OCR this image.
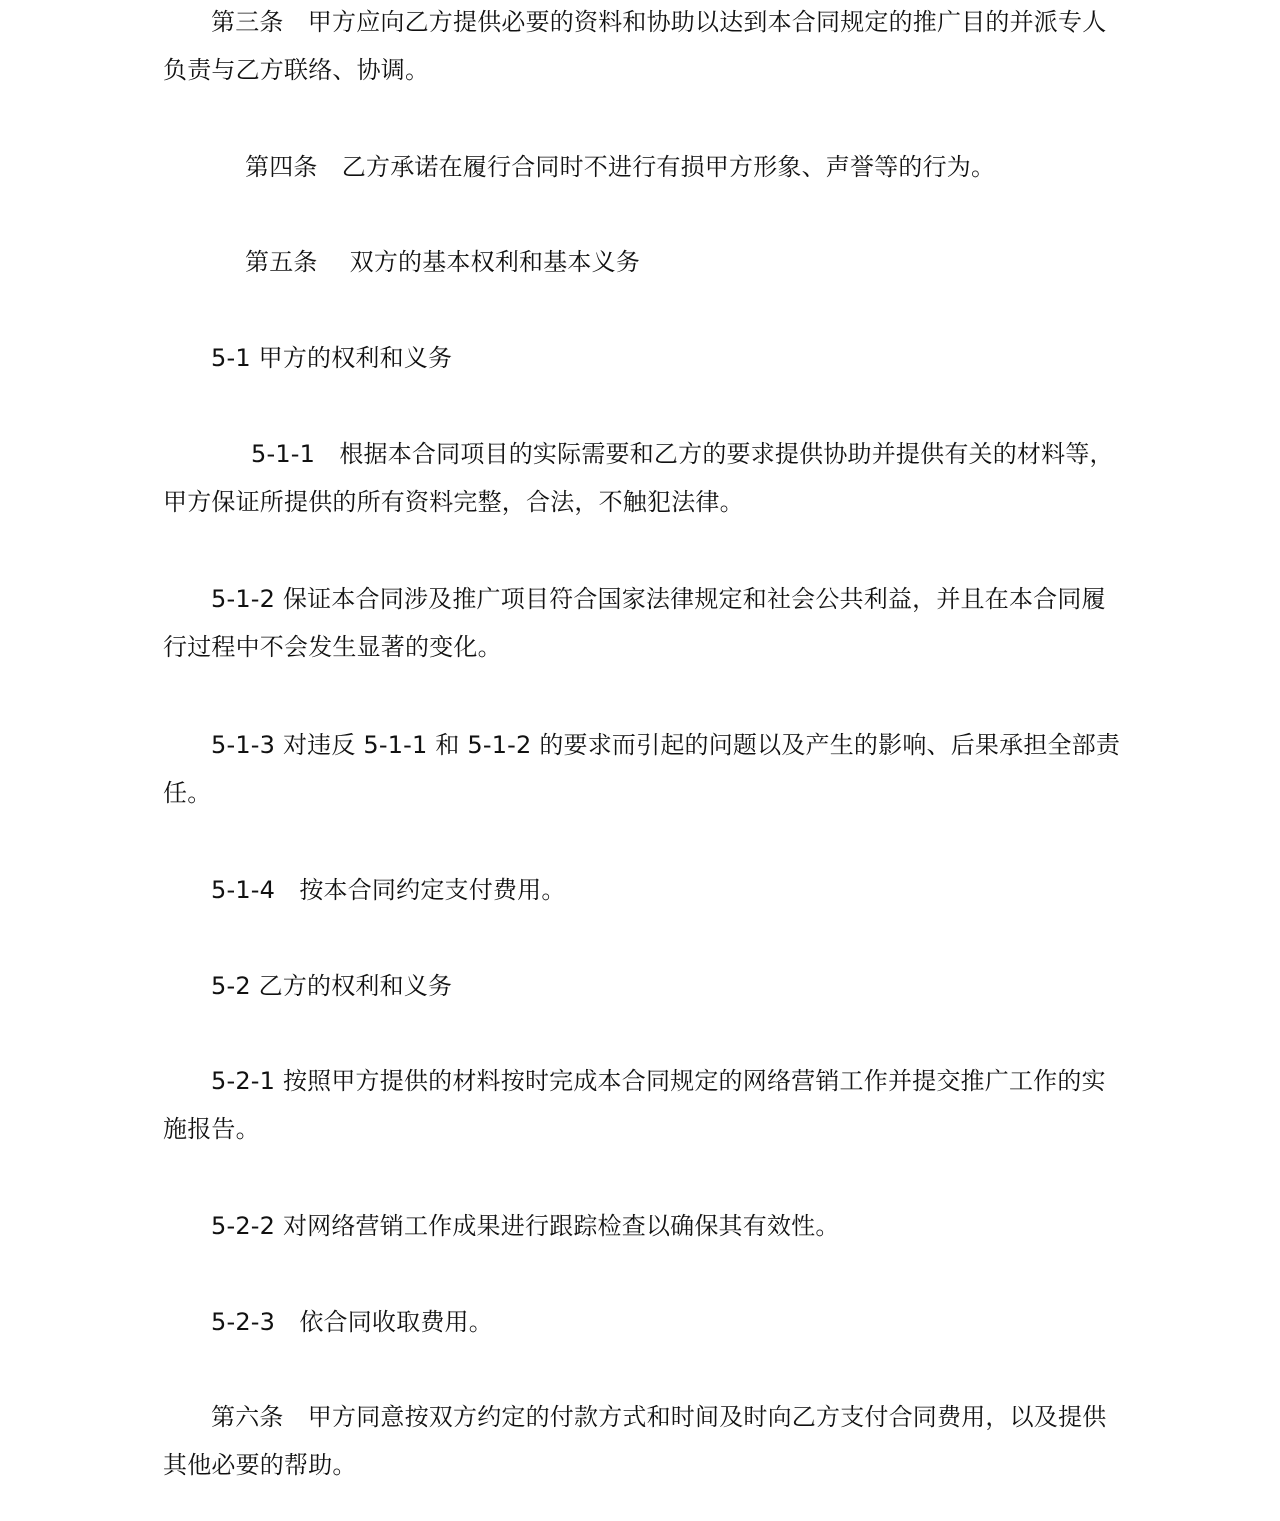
第三条　甲方应向乙方提供必要的资料和协助以达到本合同规定的推广目的并派专人负责与乙方联络、协调。

第四条　乙方承诺在履行合同时不进行有损甲方形象、声誉等的行为。

第五条　 双方的基本权利和基本义务

5-1 甲方的权利和义务

5-1-1　根据本合同项目的实际需要和乙方的要求提供协助并提供有关的材料等，甲方保证所提供的所有资料完整，合法，不触犯法律。

5-1-2 保证本合同涉及推广项目符合国家法律规定和社会公共利益，并且在本合同履行过程中不会发生显著的变化。

5-1-3 对违反 5-1-1 和 5-1-2 的要求而引起的问题以及产生的影响、后果承担全部责任。

5-1-4　按本合同约定支付费用。

5-2 乙方的权利和义务

5-2-1 按照甲方提供的材料按时完成本合同规定的网络营销工作并提交推广工作的实施报告。

5-2-2 对网络营销工作成果进行跟踪检查以确保其有效性。

5-2-3　依合同收取费用。

第六条　甲方同意按双方约定的付款方式和时间及时向乙方支付合同费用，以及提供其他必要的帮助。
